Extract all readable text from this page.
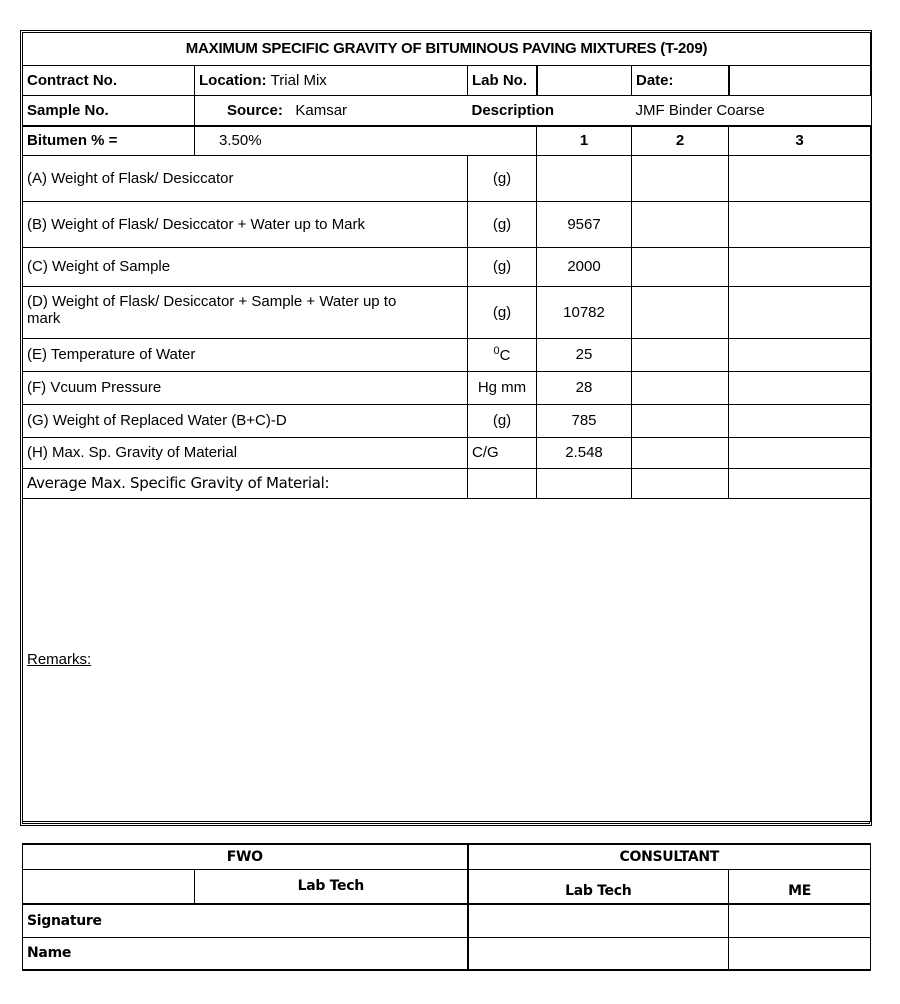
MAXIMUM SPECIFIC GRAVITY OF BITUMINOUS PAVING MIXTURES (T-209)					
Contract No.	Location: Trial Mix	Lab No.		Date:	
Sample No.	Source: Kamsar	Description		JMF Binder Coarse	
Bitumen % =	3.50%		1	2	3
(A) Weight of Flask/ Desiccator		(g)			
(B) Weight of Flask/ Desiccator + Water up to Mark		(g)	9567		
(C) Weight of Sample		(g)	2000		

(D) Weight of Flask/ Desiccator + Sample + Water up to
mark		(g)	10782		
(E) Temperature of Water		$^0$C	25		
(F) Vcuum Pressure		Hg mm	28		
(G) Weight of Replaced Water (B+C)-D		(g)	785		
(H) Max. Sp. Gravity of Material		C/G	2.548		
Average Max. Specific Gravity of Material:					
Remarks:					
FWO		CONSULTANT	
	Lab Tech	Lab Tech	ME
Signature			
Name			
